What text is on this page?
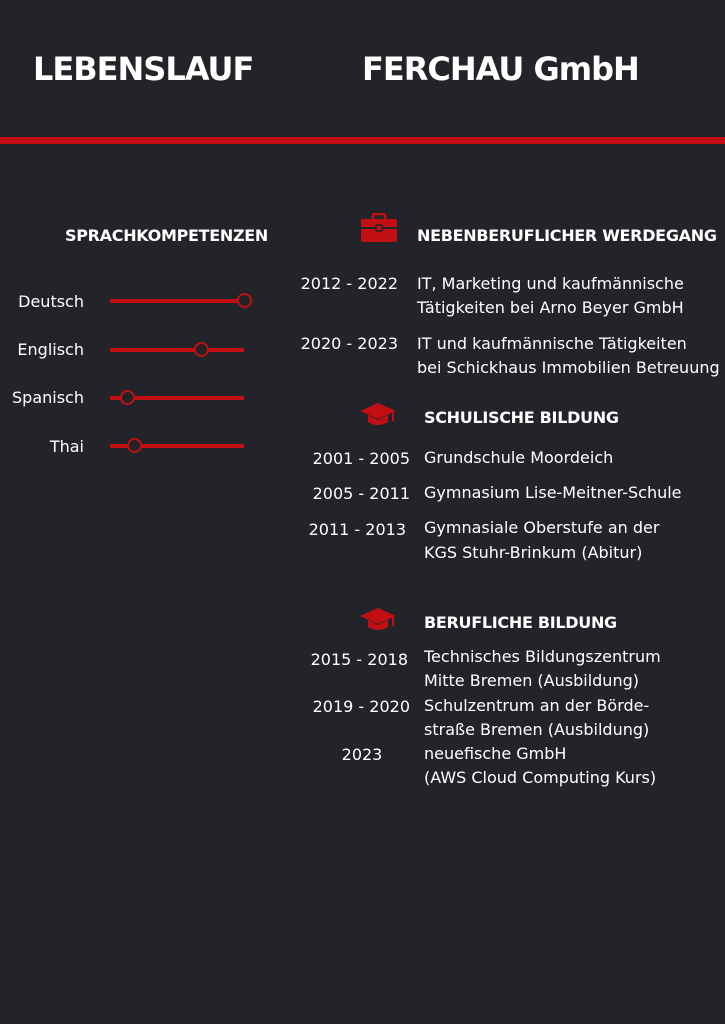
LEBENSLAUF	FERCHAU GmbH
SPRACHKOMPETENZEN
Deutsch
Englisch
Spanisch
Thai
NEBENBERUFLICHER WERDEGANG
2012 - 2022 IT, Marketing und kaufmännische
Tätigkeiten bei Arno Beyer GmbH
2020 - 2023 IT und kaufmännische Tätigkeiten
bei Schickhaus Immobilien Betreuung
SCHULISCHE BILDUNG
2001 - 2005 Grundschule Moordeich
2005 - 2011 Gymnasium Lise-Meitner-Schule
2011 - 2013 Gymnasiale Oberstufe an der
KGS Stuhr-Brinkum (Abitur)
BERUFLICHE BILDUNG
2015 - 2018 Technisches Bildungszentrum
Mitte Bremen (Ausbildung)
2019 - 2020 Schulzentrum an der Börde-
straße Bremen (Ausbildung)
2023	neuefische GmbH
(AWS Cloud Computing Kurs)
